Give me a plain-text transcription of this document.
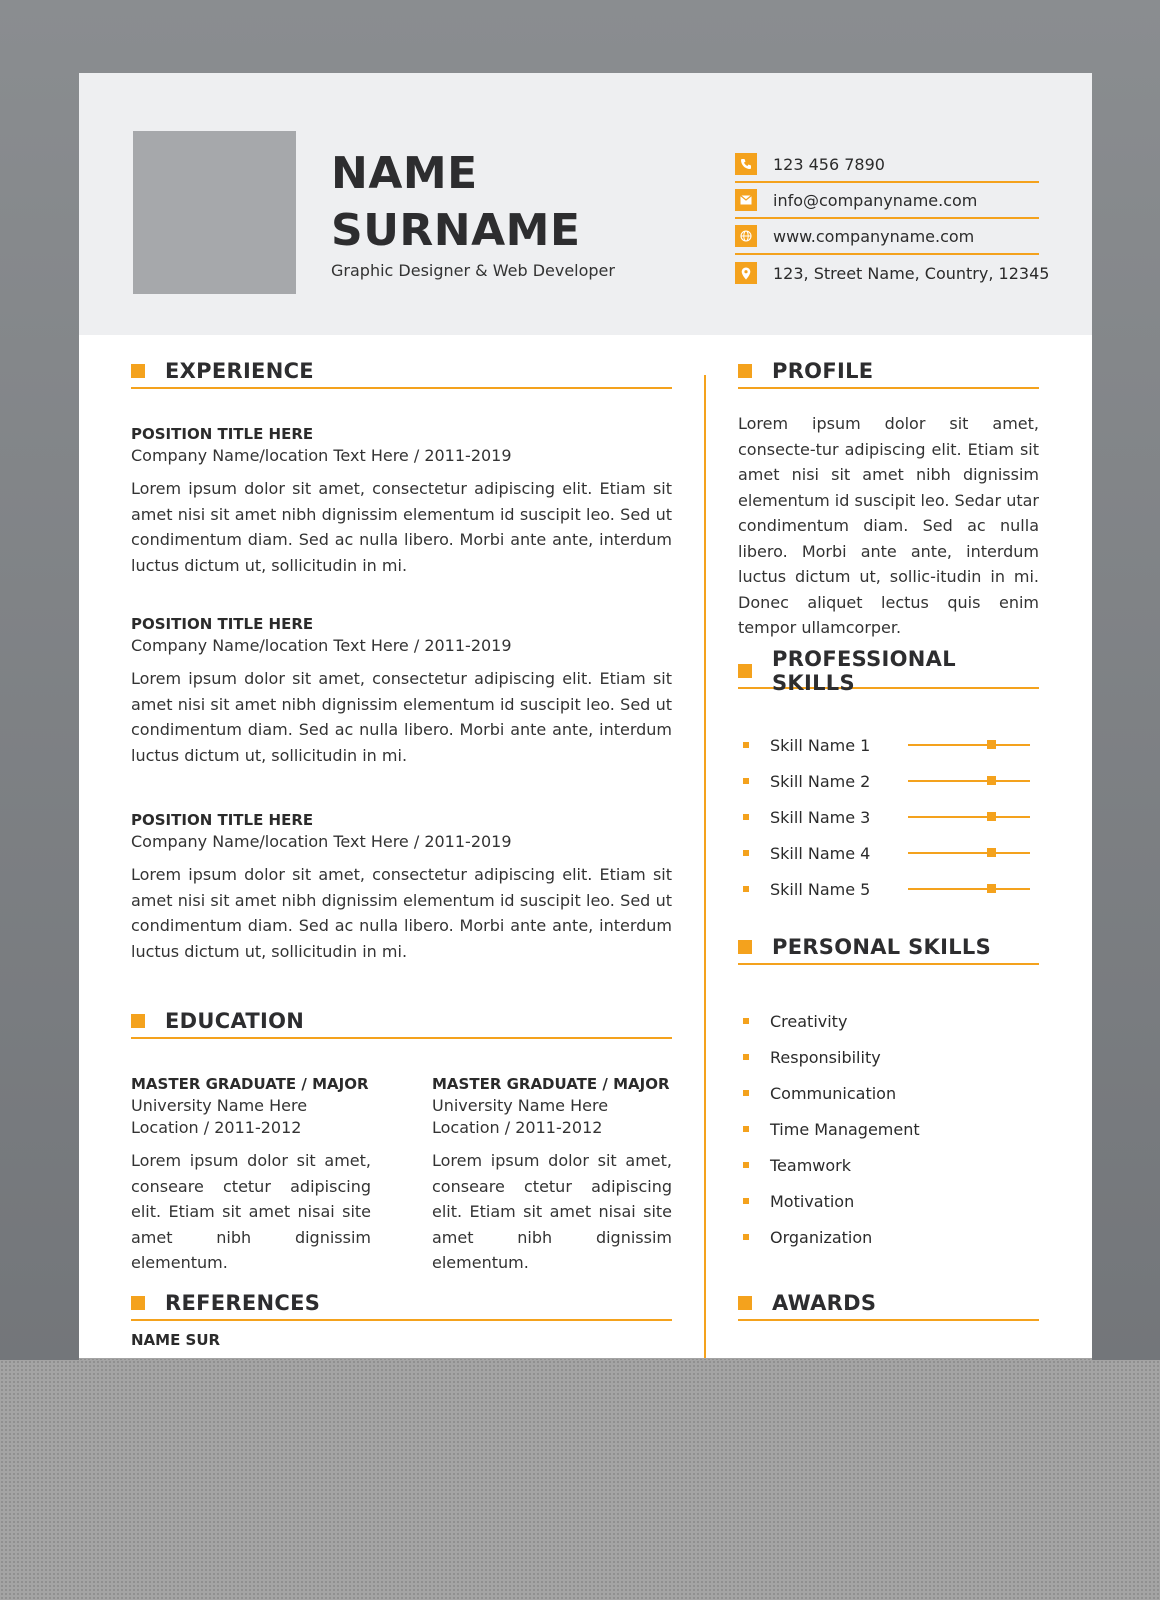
NAME
SURNAME
Graphic Designer & Web Developer
123 456 7890
info@companyname.com
www.companyname.com
123, Street Name, Country, 12345
EXPERIENCE
POSITION TITLE HERE
Company Name/location Text Here / 2011-2019
Lorem ipsum dolor sit amet, consectetur adipiscing elit. Etiam sit amet nisi sit amet nibh dignissim elementum id suscipit leo. Sed ut condimentum diam. Sed ac nulla libero. Morbi ante ante, interdum luctus dictum ut, sollicitudin in mi.
POSITION TITLE HERE
Company Name/location Text Here / 2011-2019
Lorem ipsum dolor sit amet, consectetur adipiscing elit. Etiam sit amet nisi sit amet nibh dignissim elementum id suscipit leo. Sed ut condimentum diam. Sed ac nulla libero. Morbi ante ante, interdum luctus dictum ut, sollicitudin in mi.
POSITION TITLE HERE
Company Name/location Text Here / 2011-2019
Lorem ipsum dolor sit amet, consectetur adipiscing elit. Etiam sit amet nisi sit amet nibh dignissim elementum id suscipit leo. Sed ut condimentum diam. Sed ac nulla libero. Morbi ante ante, interdum luctus dictum ut, sollicitudin in mi.
EDUCATION
MASTER GRADUATE / MAJOR
University Name Here
Location / 2011-2012
Lorem ipsum dolor sit amet, conseare ctetur adipiscing elit. Etiam sit amet nisai site amet nibh dignissim elementum.
MASTER GRADUATE / MAJOR
University Name Here
Location / 2011-2012
Lorem ipsum dolor sit amet, conseare ctetur adipiscing elit. Etiam sit amet nisai site amet nibh dignissim elementum.
REFERENCES
NAME SUR
PROFILE
Lorem ipsum dolor sit amet, consecte-tur adipiscing elit. Etiam sit amet nisi sit amet nibh dignissim elementum id suscipit leo. Sedar utar condimentum diam. Sed ac nulla libero. Morbi ante ante, interdum luctus dictum ut, sollic-itudin in mi. Donec aliquet lectus quis enim tempor ullamcorper.
PROFESSIONAL SKILLS
Skill Name 1
Skill Name 2
Skill Name 3
Skill Name 4
Skill Name 5
PERSONAL SKILLS
Creativity
Responsibility
Communication
Time Management
Teamwork
Motivation
Organization
AWARDS
